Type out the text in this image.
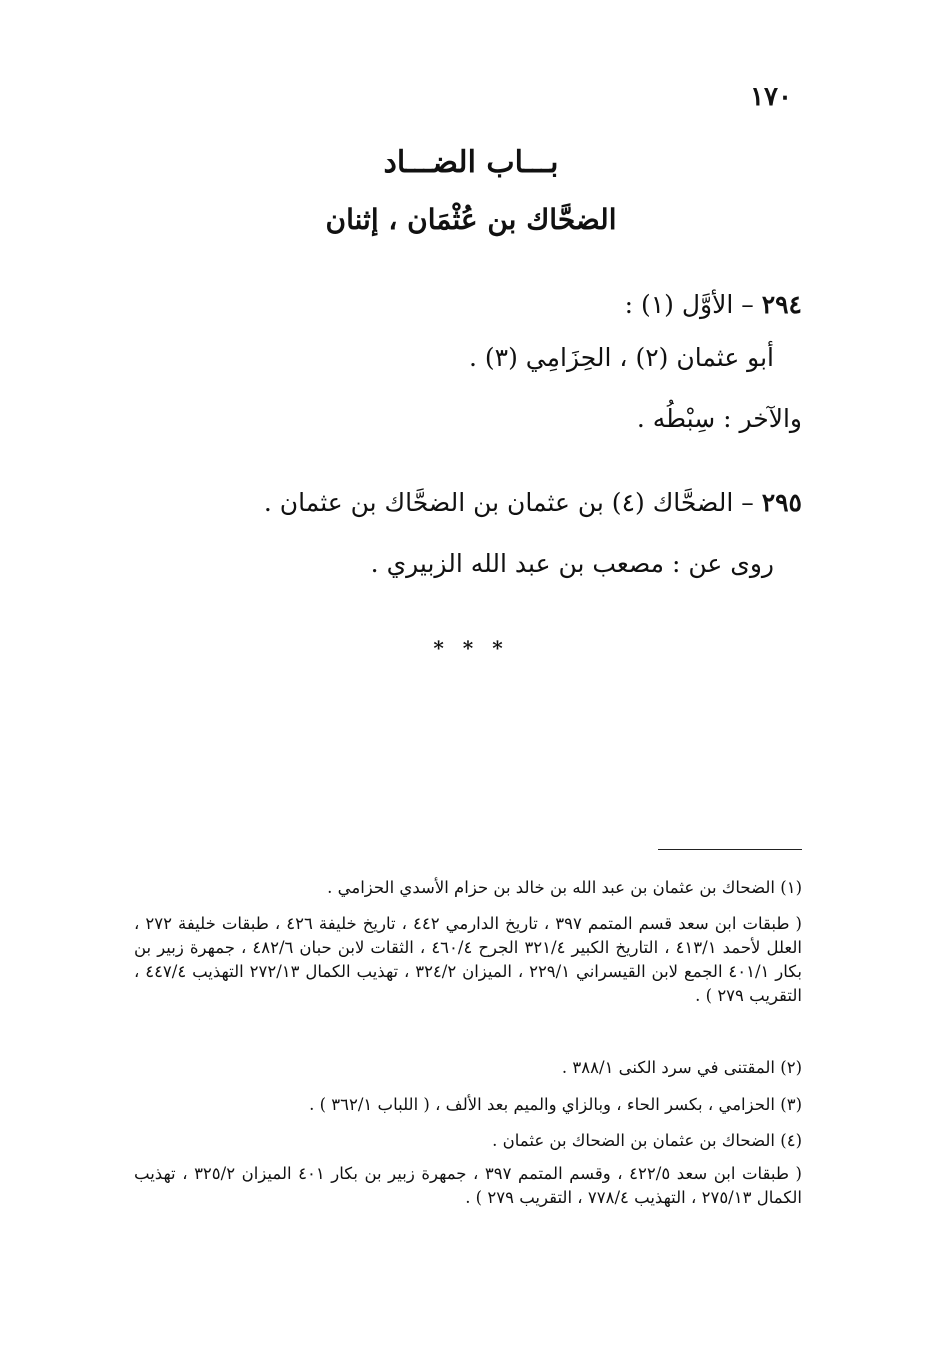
١٧٠
بـــاب الضـــاد
الضحَّاك بن عُثْمَان ، إثنان
٢٩٤ – الأوَّل (١) :
أبو عثمان (٢) ، الحِزَامِي (٣) .
والآخر : سِبْطُه .
٢٩٥ – الضحَّاك (٤) بن عثمان بن الضحَّاك بن عثمان .
روى عن : مصعب بن عبد الله الزبيري .
* * *
(١) الضحاك بن عثمان بن عبد الله بن خالد بن حزام الأسدي الحزامي .
( طبقات ابن سعد قسم المتمم ٣٩٧ ، تاريخ الدارمي ٤٤٢ ، تاريخ خليفة ٤٢٦ ، طبقات خليفة ٢٧٢ ، العلل لأحمد ٤١٣/١ ، التاريخ الكبير ٣٢١/٤ الجرح ٤٦٠/٤ ، الثقات لابن حبان ٤٨٢/٦ ، جمهرة زبير بن بكار ٤٠١/١ الجمع لابن القيسراني ٢٢٩/١ ، الميزان ٣٢٤/٢ ، تهذيب الكمال ٢٧٢/١٣ التهذيب ٤٤٧/٤ ، التقريب ٢٧٩ ) .
(٢) المقتنى في سرد الكنى ٣٨٨/١ .
(٣) الحزامي ، بكسر الحاء ، وبالزاي والميم بعد الألف ، ( اللباب ٣٦٢/١ ) .
(٤) الضحاك بن عثمان بن الضحاك بن عثمان .
( طبقات ابن سعد ٤٢٢/٥ ، وقسم المتمم ٣٩٧ ، جمهرة زبير بن بكار ٤٠١ الميزان ٣٢٥/٢ ، تهذيب الكمال ٢٧٥/١٣ ، التهذيب ٧٧٨/٤ ، التقريب ٢٧٩ ) .
